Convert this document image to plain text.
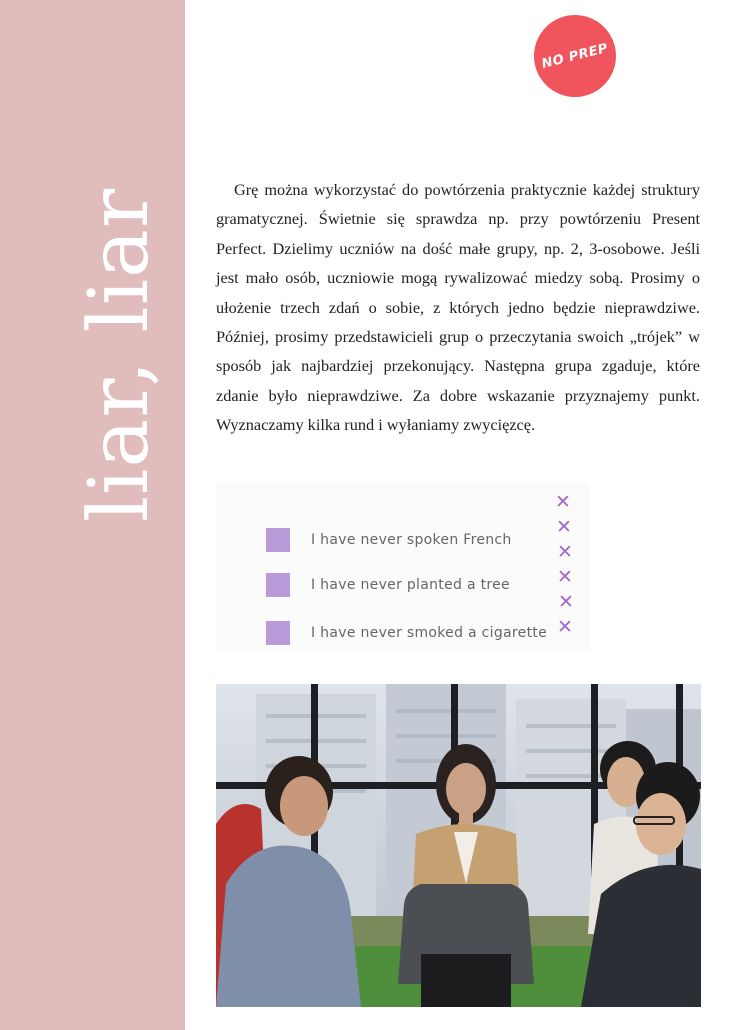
liar, liar
NO PREP

Grę można wykorzystać do powtórzenia praktycznie każdej struktury gramatycznej. Świetnie się sprawdza np. przy powtórzeniu Present Perfect. Dzielimy uczniów na dość małe grupy, np. 2, 3-osobowe. Jeśli jest mało osób, uczniowie mogą rywalizować miedzy sobą. Prosimy o ułożenie trzech zdań o sobie, z których jedno będzie nieprawdziwe. Później, prosimy przedstawicieli grup o przeczytania swoich „trójek” w sposób jak najbardziej przekonujący. Następna grupa zgaduje, które zdanie było nieprawdziwe. Za dobre wskazanie przyznajemy punkt. Wyznaczamy kilka rund i wyłaniamy zwycięzcę.

I have never spoken French
I have never planted a tree
I have never smoked a cigarette
✕
✕
✕
✕
✕
✕
